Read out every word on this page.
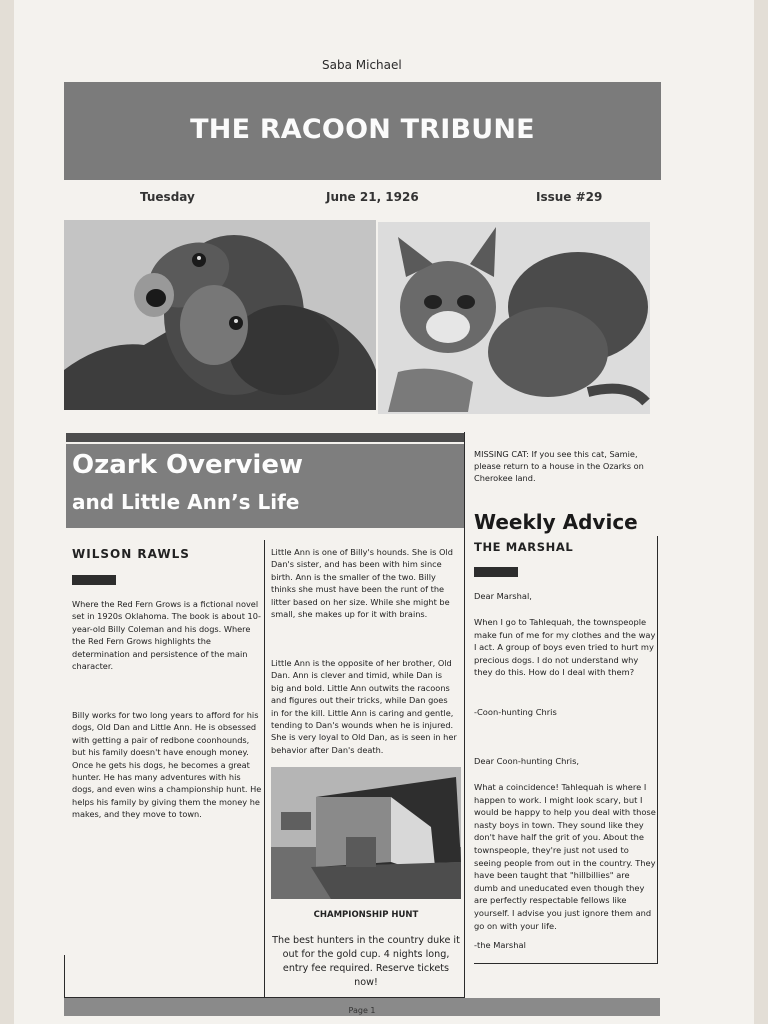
Saba Michael
THE RACOON TRIBUNE
Tuesday	June 21, 1926	Issue #29
Ozark Overview
and Little Ann’s Life
WILSON RAWLS
Where the Red Fern Grows is a fictional novel set in 1920s Oklahoma. The book is about 10-year-old Billy Coleman and his dogs. Where the Red Fern Grows highlights the determination and persistence of the main character.
Billy works for two long years to afford for his dogs, Old Dan and Little Ann. He is obsessed with getting a pair of redbone coonhounds, but his family doesn't have enough money. Once he gets his dogs, he becomes a great hunter. He has many adventures with his dogs, and even wins a championship hunt. He helps his family by giving them the money he makes, and they move to town.
Little Ann is one of Billy's hounds. She is Old Dan's sister, and has been with him since birth. Ann is the smaller of the two. Billy thinks she must have been the runt of the litter based on her size. While she might be small, she makes up for it with brains.
Little Ann is the opposite of her brother, Old Dan. Ann is clever and timid, while Dan is big and bold. Little Ann outwits the racoons and figures out their tricks, while Dan goes in for the kill. Little Ann is caring and gentle, tending to Dan's wounds when he is injured. She is very loyal to Old Dan, as is seen in her behavior after Dan's death.
CHAMPIONSHIP HUNT
The best hunters in the country duke it out for the gold cup. 4 nights long, entry fee required. Reserve tickets now!
MISSING CAT: If you see this cat, Samie, please return to a house in the Ozarks on Cherokee land.
Weekly Advice
THE MARSHAL
Dear Marshal,
When I go to Tahlequah, the townspeople make fun of me for my clothes and the way I act. A group of boys even tried to hurt my precious dogs. I do not understand why they do this. How do I deal with them?
-Coon-hunting Chris
Dear Coon-hunting Chris,
What a coincidence! Tahlequah is where I happen to work. I might look scary, but I would be happy to help you deal with those nasty boys in town. They sound like they don't have half the grit of you. About the townspeople, they're just not used to seeing people from out in the country. They have been taught that "hillbillies" are dumb and uneducated even though they are perfectly respectable fellows like yourself. I advise you just ignore them and go on with your life.
-the Marshal
Page 1
